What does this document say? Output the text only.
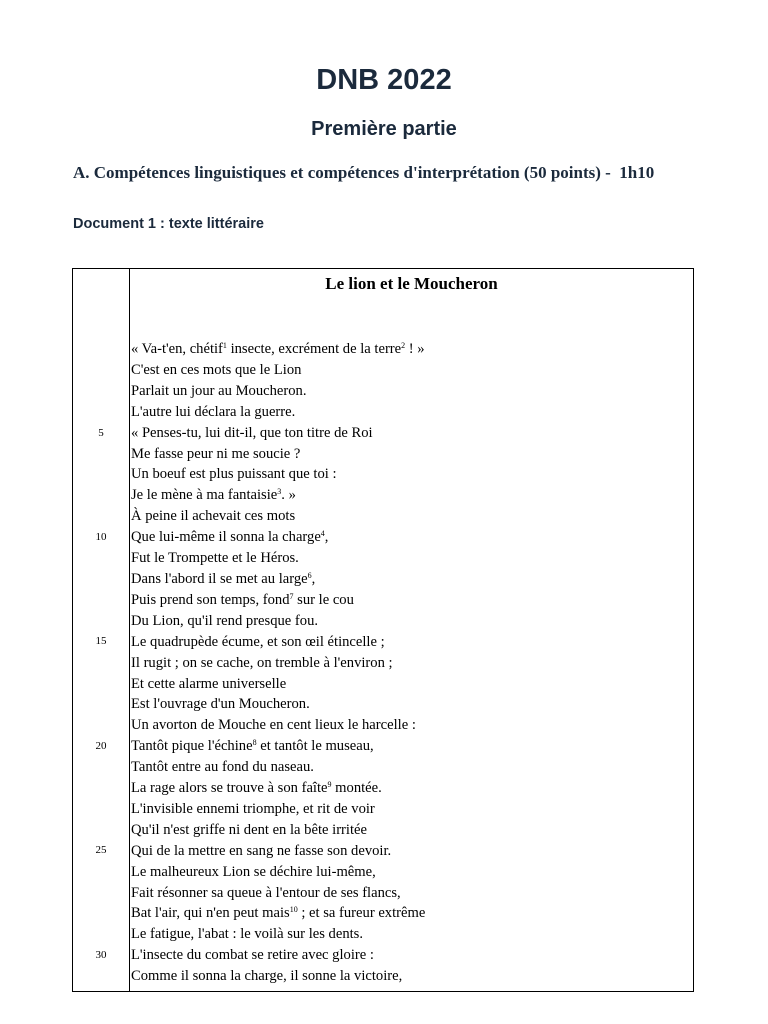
DNB 2022
Première partie
A. Compétences linguistiques et compétences d'interprétation (50 points) -  1h10
Document 1 : texte littéraire
Le lion et le Moucheron
5
10
15
20
25
30
« Va-t'en, chétif$^1$ insecte, excrément de la terre$^2$ ! »
C'est en ces mots que le Lion
Parlait un jour au Moucheron.
L'autre lui déclara la guerre.
« Penses-tu, lui dit-il, que ton titre de Roi
Me fasse peur ni me soucie ?
Un boeuf est plus puissant que toi :
Je le mène à ma fantaisie$^3$. »
À peine il achevait ces mots
Que lui-même il sonna la charge$^4$,
Fut le Trompette et le Héros.
Dans l'abord il se met au large$^6$,
Puis prend son temps, fond$^7$ sur le cou
Du Lion, qu'il rend presque fou.
Le quadrupède écume, et son œil étincelle ;
Il rugit ; on se cache, on tremble à l'environ ;
Et cette alarme universelle
Est l'ouvrage d'un Moucheron.
Un avorton de Mouche en cent lieux le harcelle :
Tantôt pique l'échine$^8$ et tantôt le museau,
Tantôt entre au fond du naseau.
La rage alors se trouve à son faîte$^9$ montée.
L'invisible ennemi triomphe, et rit de voir
Qu'il n'est griffe ni dent en la bête irritée
Qui de la mettre en sang ne fasse son devoir.
Le malheureux Lion se déchire lui-même,
Fait résonner sa queue à l'entour de ses flancs,
Bat l'air, qui n'en peut mais$^{10}$ ; et sa fureur extrême
Le fatigue, l'abat : le voilà sur les dents.
L'insecte du combat se retire avec gloire :
Comme il sonna la charge, il sonne la victoire,
